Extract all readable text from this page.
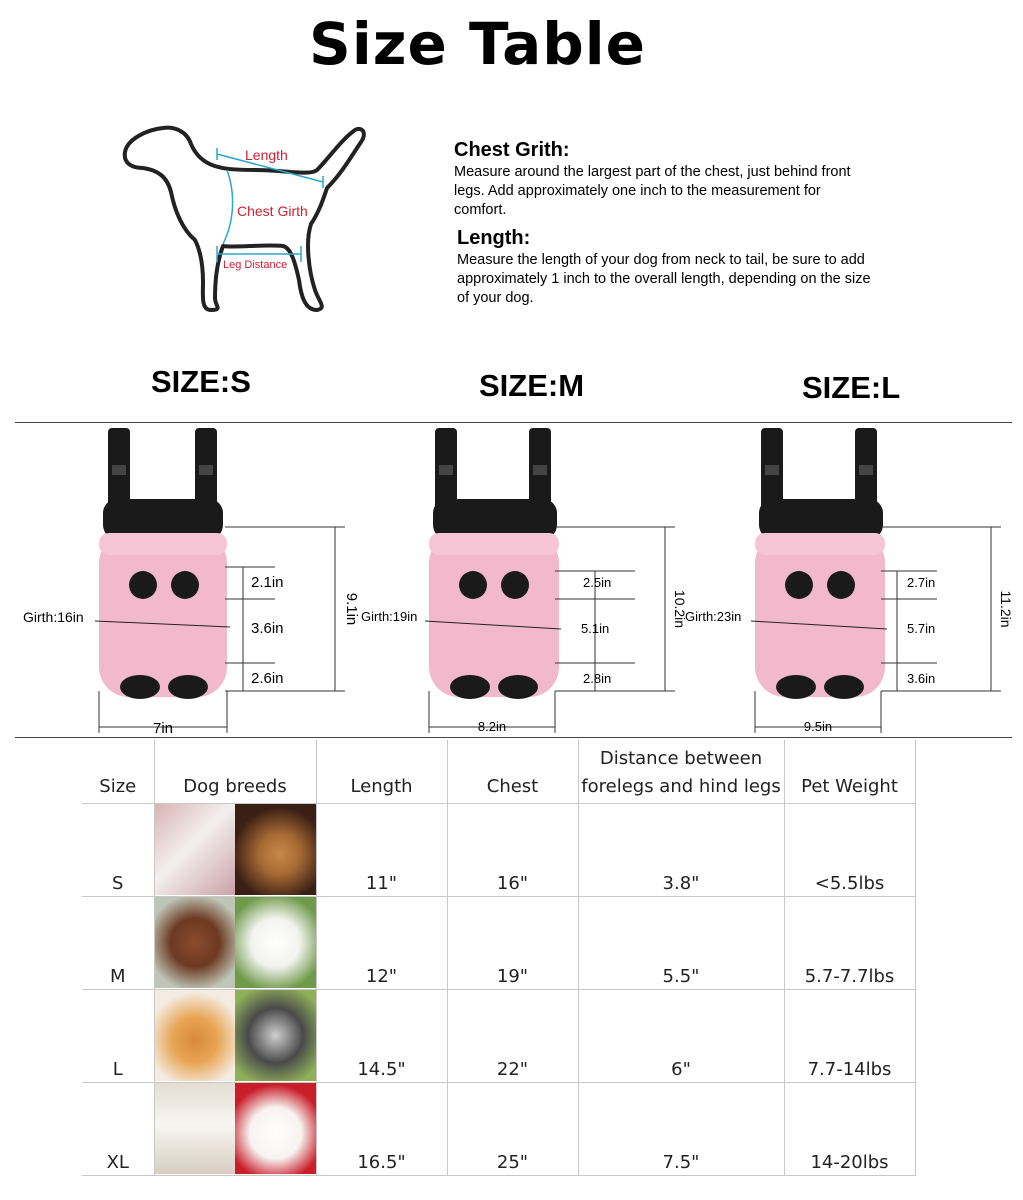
Size Table
Length
Chest Girth
Leg Distance
Chest Grith:
Measure around the largest part of the chest, just behind front legs. Add approximately one inch to the measurement for comfort.
Length:
Measure the length of your dog from neck to tail, be sure to add approximately 1 inch to the overall length, depending on the size of your dog.
SIZE:S	SIZE:M	SIZE:L
2.1in
3.6in
2.6in
9.1in
7in
Girth:16in
2.5in
5.1in
2.8in
10.2in
8.2in
Girth:19in
2.7in
5.7in
3.6in
11.2in
9.5in
Girth:23in
Size	Dog breeds	Length	Chest	Distance between forelegs and hind legs	Pet Weight
S		11"	16"	3.8"	<5.5lbs
M		12"	19"	5.5"	5.7-7.7lbs
L		14.5"	22"	6"	7.7-14lbs
XL		16.5"	25"	7.5"	14-20lbs
